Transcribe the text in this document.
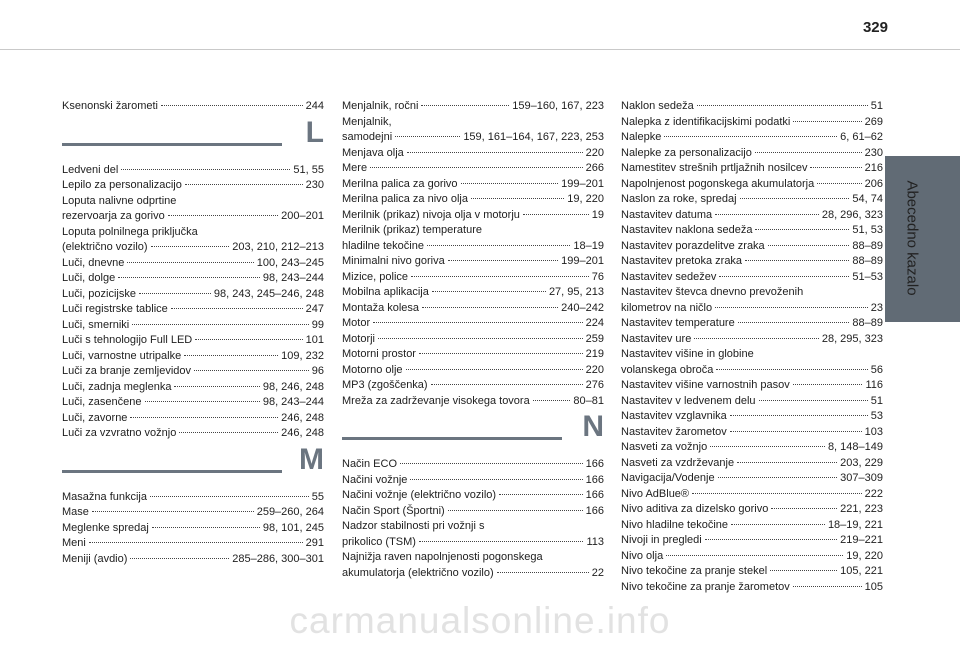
329
Abecedno kazalo
Ksenonski žarometi	244
L
Ledveni del	51, 55
Lepilo za personalizacijo	230
Loputa nalivne odprtine
rezervoarja za gorivo	200–201
Loputa polnilnega priključka
(električno vozilo)	203, 210, 212–213
Luči, dnevne	100, 243–245
Luči, dolge	98, 243–244
Luči, pozicijske	98, 243, 245–246, 248
Luči registrske tablice	247
Luči, smerniki	99
Luči s tehnologijo Full LED	101
Luči, varnostne utripalke	109, 232
Luči za branje zemljevidov	96
Luči, zadnja meglenka	98, 246, 248
Luči, zasenčene	98, 243–244
Luči, zavorne	246, 248
Luči za vzvratno vožnjo	246, 248
M
Masažna funkcija	55
Mase	259–260, 264
Meglenke spredaj	98, 101, 245
Meni	291
Meniji (avdio)	285–286, 300–301
Menjalnik, ročni	159–160, 167, 223
Menjalnik,
samodejni	159, 161–164, 167, 223, 253
Menjava olja	220
Mere	266
Merilna palica za gorivo	199–201
Merilna palica za nivo olja	19, 220
Merilnik (prikaz) nivoja olja v motorju	19
Merilnik (prikaz) temperature
hladilne tekočine	18–19
Minimalni nivo goriva	199–201
Mizice, police	76
Mobilna aplikacija	27, 95, 213
Montaža kolesa	240–242
Motor	224
Motorji	259
Motorni prostor	219
Motorno olje	220
MP3 (zgoščenka)	276
Mreža za zadrževanje visokega tovora	80–81
N
Način ECO	166
Načini vožnje	166
Načini vožnje (električno vozilo)	166
Način Sport (Športni)	166
Nadzor stabilnosti pri vožnji s
prikolico (TSM)	113
Najnižja raven napolnjenosti pogonskega
akumulatorja (električno vozilo)	22
Naklon sedeža	51
Nalepka z identifikacijskimi podatki	269
Nalepke	6, 61–62
Nalepke za personalizacijo	230
Namestitev strešnih prtljažnih nosilcev	216
Napolnjenost pogonskega akumulatorja	206
Naslon za roke, spredaj	54, 74
Nastavitev datuma	28, 296, 323
Nastavitev naklona sedeža	51, 53
Nastavitev porazdelitve zraka	88–89
Nastavitev pretoka zraka	88–89
Nastavitev sedežev	51–53
Nastavitev števca dnevno prevoženih
kilometrov na ničlo	23
Nastavitev temperature	88–89
Nastavitev ure	28, 295, 323
Nastavitev višine in globine
volanskega obroča	56
Nastavitev višine varnostnih pasov	116
Nastavitev v ledvenem delu	51
Nastavitev vzglavnika	53
Nastavitev žarometov	103
Nasveti za vožnjo	8, 148–149
Nasveti za vzdrževanje	203, 229
Navigacija/Vodenje	307–309
Nivo AdBlue®	222
Nivo aditiva za dizelsko gorivo	221, 223
Nivo hladilne tekočine	18–19, 221
Nivoji in pregledi	219–221
Nivo olja	19, 220
Nivo tekočine za pranje stekel	105, 221
Nivo tekočine za pranje žarometov	105
carmanualsonline.info
